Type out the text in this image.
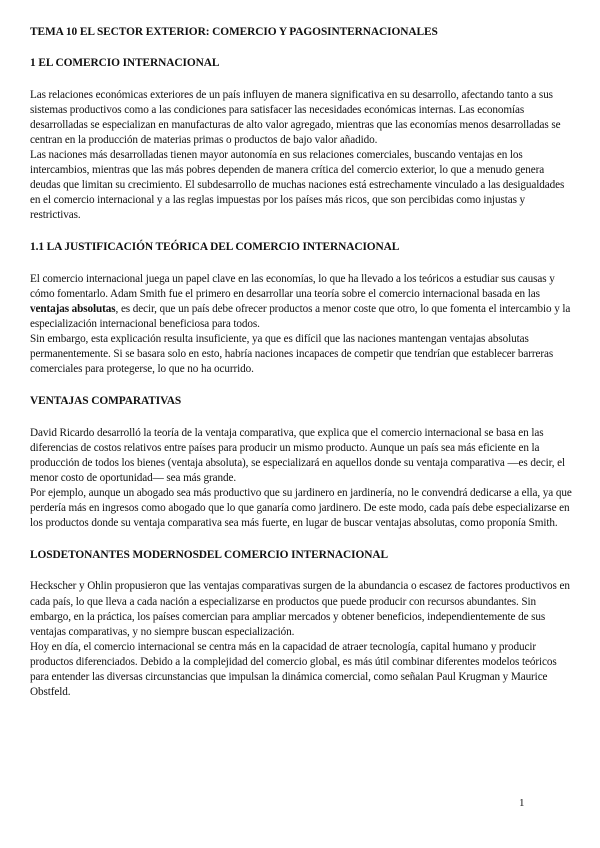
TEMA 10 EL SECTOR EXTERIOR: COMERCIO Y PAGOSINTERNACIONALES
1 EL COMERCIO INTERNACIONAL

Las relaciones económicas exteriores de un país influyen de manera significativa en su desarrollo, afectando tanto a sus sistemas productivos como a las condiciones para satisfacer las necesidades económicas internas. Las economías desarrolladas se especializan en manufacturas de alto valor agregado, mientras que las economías menos desarrolladas se centran en la producción de materias primas o productos de bajo valor añadido.

Las naciones más desarrolladas tienen mayor autonomía en sus relaciones comerciales, buscando ventajas en los intercambios, mientras que las más pobres dependen de manera crítica del comercio exterior, lo que a menudo genera deudas que limitan su crecimiento. El subdesarrollo de muchas naciones está estrechamente vinculado a las desigualdades en el comercio internacional y a las reglas impuestas por los países más ricos, que son percibidas como injustas y restrictivas.

1.1 LA JUSTIFICACIÓN TEÓRICA DEL COMERCIO INTERNACIONAL

El comercio internacional juega un papel clave en las economías, lo que ha llevado a los teóricos a estudiar sus causas y cómo fomentarlo. Adam Smith fue el primero en desarrollar una teoría sobre el comercio internacional basada en las ventajas absolutas, es decir, que un país debe ofrecer productos a menor coste que otro, lo que fomenta el intercambio y la especialización internacional beneficiosa para todos.

Sin embargo, esta explicación resulta insuficiente, ya que es difícil que las naciones mantengan ventajas absolutas permanentemente. Si se basara solo en esto, habría naciones incapaces de competir que tendrían que establecer barreras comerciales para protegerse, lo que no ha ocurrido.

VENTAJAS COMPARATIVAS

David Ricardo desarrolló la teoría de la ventaja comparativa, que explica que el comercio internacional se basa en las diferencias de costos relativos entre países para producir un mismo producto. Aunque un país sea más eficiente en la producción de todos los bienes (ventaja absoluta), se especializará en aquellos donde su ventaja comparativa —es decir, el menor costo de oportunidad— sea más grande.

Por ejemplo, aunque un abogado sea más productivo que su jardinero en jardinería, no le convendrá dedicarse a ella, ya que perdería más en ingresos como abogado que lo que ganaría como jardinero. De este modo, cada país debe especializarse en los productos donde su ventaja comparativa sea más fuerte, en lugar de buscar ventajas absolutas, como proponía Smith.

LOSDETONANTES MODERNOSDEL COMERCIO INTERNACIONAL

Heckscher y Ohlin propusieron que las ventajas comparativas surgen de la abundancia o escasez de factores productivos en cada país, lo que lleva a cada nación a especializarse en productos que puede producir con recursos abundantes. Sin embargo, en la práctica, los países comercian para ampliar mercados y obtener beneficios, independientemente de sus ventajas comparativas, y no siempre buscan especialización.

Hoy en día, el comercio internacional se centra más en la capacidad de atraer tecnología, capital humano y producir productos diferenciados. Debido a la complejidad del comercio global, es más útil combinar diferentes modelos teóricos para entender las diversas circunstancias que impulsan la dinámica comercial, como señalan Paul Krugman y Maurice Obstfeld.

1
